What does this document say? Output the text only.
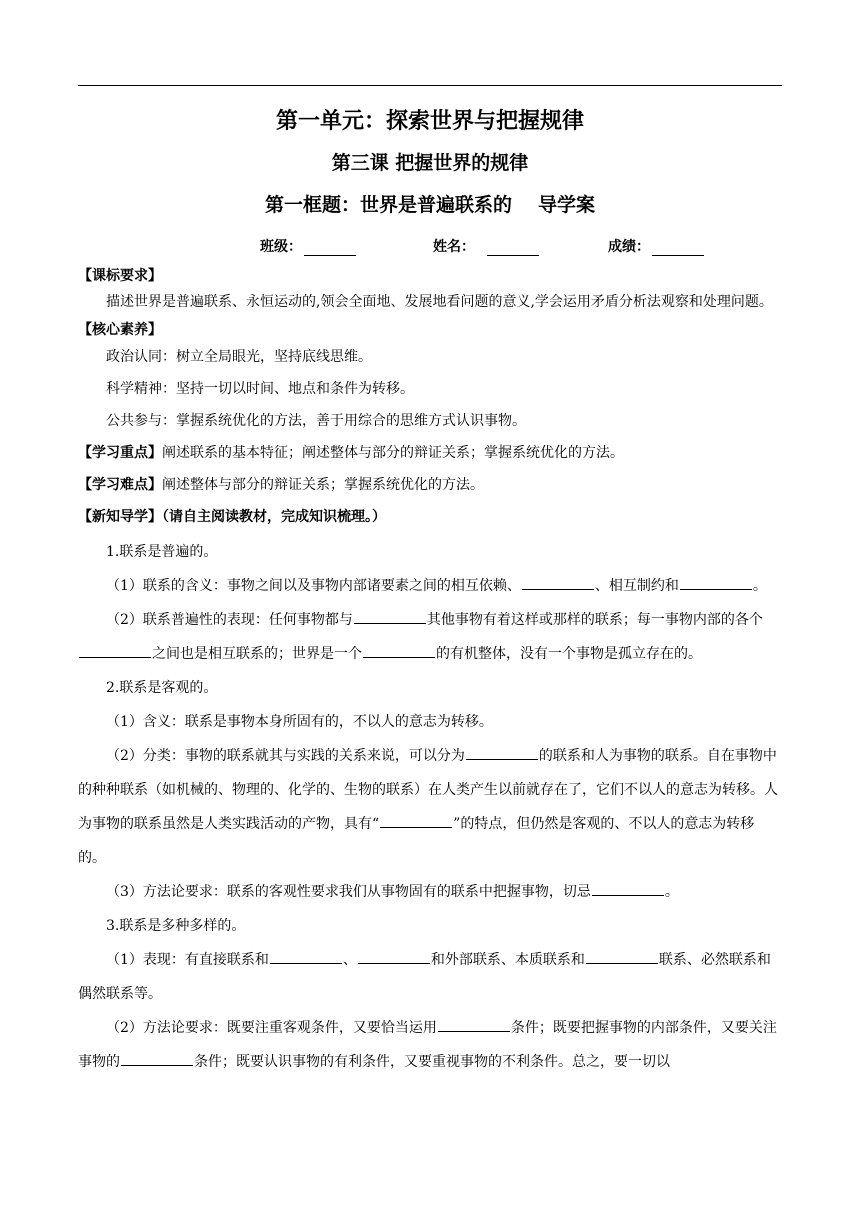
第一单元：探索世界与把握规律
第三课 把握世界的规律
第一框题：世界是普遍联系的 导学案
班级：	姓名：	成绩：
【课标要求】

描述世界是普遍联系、永恒运动的,领会全面地、发展地看问题的意义,学会运用矛盾分析法观察和处理问题。

【核心素养】

政治认同：树立全局眼光，坚持底线思维。

科学精神：坚持一切以时间、地点和条件为转移。

公共参与：掌握系统优化的方法，善于用综合的思维方式认识事物。

【学习重点】阐述联系的基本特征；阐述整体与部分的辩证关系；掌握系统优化的方法。
【学习难点】阐述整体与部分的辩证关系；掌握系统优化的方法。
【新知导学】（请自主阅读教材，完成知识梳理。）

1.联系是普遍的。

（1）联系的含义：事物之间以及事物内部诸要素之间的相互依赖、	、相互制约和	。

（2）联系普遍性的表现：任何事物都与	其他事物有着这样或那样的联系；每一事物内部的各个之间也是相互联系的；世界是一个	的有机整体，没有一个事物是孤立存在的。

2.联系是客观的。

（1）含义：联系是事物本身所固有的，不以人的意志为转移。

（2）分类：事物的联系就其与实践的关系来说，可以分为	的联系和人为事物的联系。自在事物中的种种联系（如机械的、物理的、化学的、生物的联系）在人类产生以前就存在了，它们不以人的意志为转移。人为事物的联系虽然是人类实践活动的产物，具有“	”的特点，但仍然是客观的、不以人的意志为转移的。

（3）方法论要求：联系的客观性要求我们从事物固有的联系中把握事物，切忌	。

3.联系是多种多样的。

（1）表现：有直接联系和	、	和外部联系、本质联系和	联系、必然联系和偶然联系等。

（2）方法论要求：既要注重客观条件，又要恰当运用	条件；既要把握事物的内部条件，又要关注事物的	条件；既要认识事物的有利条件，又要重视事物的不利条件。总之，要一切以
